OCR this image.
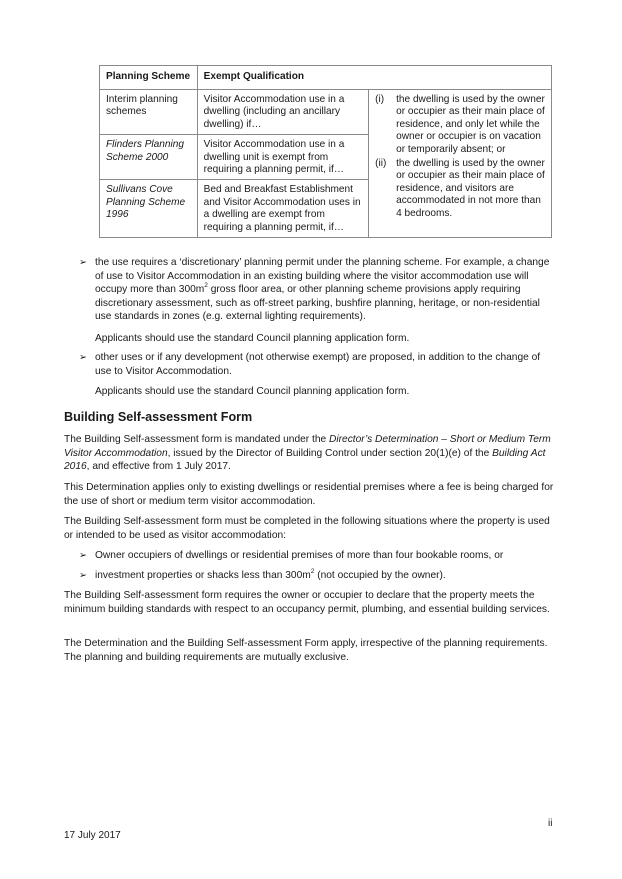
Planning Scheme	Exempt Qualification	
Interim planning schemes	Visitor Accommodation use in a dwelling (including an ancillary dwelling) if…	(i) the dwelling is used by the owner or occupier as their main place of residence, and only let while the owner or occupier is on vacation or temporarily absent; or
(ii) the dwelling is used by the owner or occupier as their main place of residence, and visitors are accommodated in not more than 4 bedrooms.

Flinders Planning Scheme 2000	Visitor Accommodation use in a dwelling unit is exempt from requiring a planning permit, if…	
Sullivans Cove Planning Scheme 1996	Bed and Breakfast Establishment and Visitor Accommodation uses in a dwelling are exempt from requiring a planning permit, if…	
➢ the use requires a ‘discretionary’ planning permit under the planning scheme. For example, a change of use to Visitor Accommodation in an existing building where the visitor accommodation use will occupy more than $300m^2$ gross floor area, or other planning scheme provisions apply requiring discretionary assessment, such as off-street parking, bushfire planning, heritage, or non-residential use standards in zones (e.g. external lighting requirements).
Applicants should use the standard Council planning application form.
➢ other uses or if any development (not otherwise exempt) are proposed, in addition to the change of use to Visitor Accommodation.
Applicants should use the standard Council planning application form.
Building Self-assessment Form
The Building Self-assessment form is mandated under the Director’s Determination – Short or Medium Term Visitor Accommodation, issued by the Director of Building Control under section 20(1)(e) of the Building Act 2016, and effective from 1 July 2017.
This Determination applies only to existing dwellings or residential premises where a fee is being charged for the use of short or medium term visitor accommodation.
The Building Self-assessment form must be completed in the following situations where the property is used or intended to be used as visitor accommodation:
➢ Owner occupiers of dwellings or residential premises of more than four bookable rooms, or
➢ investment properties or shacks less than $300m^2$ (not occupied by the owner).
The Building Self-assessment form requires the owner or occupier to declare that the property meets the minimum building standards with respect to an occupancy permit, plumbing, and essential building services.
The Determination and the Building Self-assessment Form apply, irrespective of the planning requirements. The planning and building requirements are mutually exclusive.
ii
17 July 2017
